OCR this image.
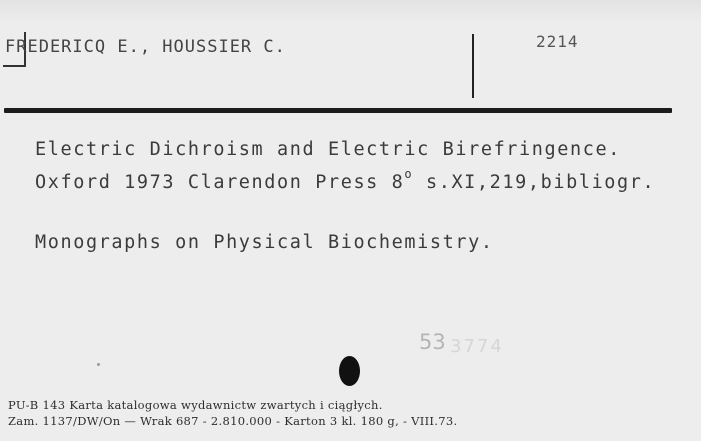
FREDERICQ E., HOUSSIER C.	2214
Electric Dichroism and Electric Birefringence.
Oxford 1973 Clarendon Press 8$^o$ s.XI,219,bibliogr.
Monographs on Physical Biochemistry.
53 3774
PU-B 143 Karta katalogowa wydawnictw zwartych i ciągłych.
Zam. 1137/DW/On — Wrak 687 - 2.810.000 - Karton 3 kl. 180 g, - VIII.73.
